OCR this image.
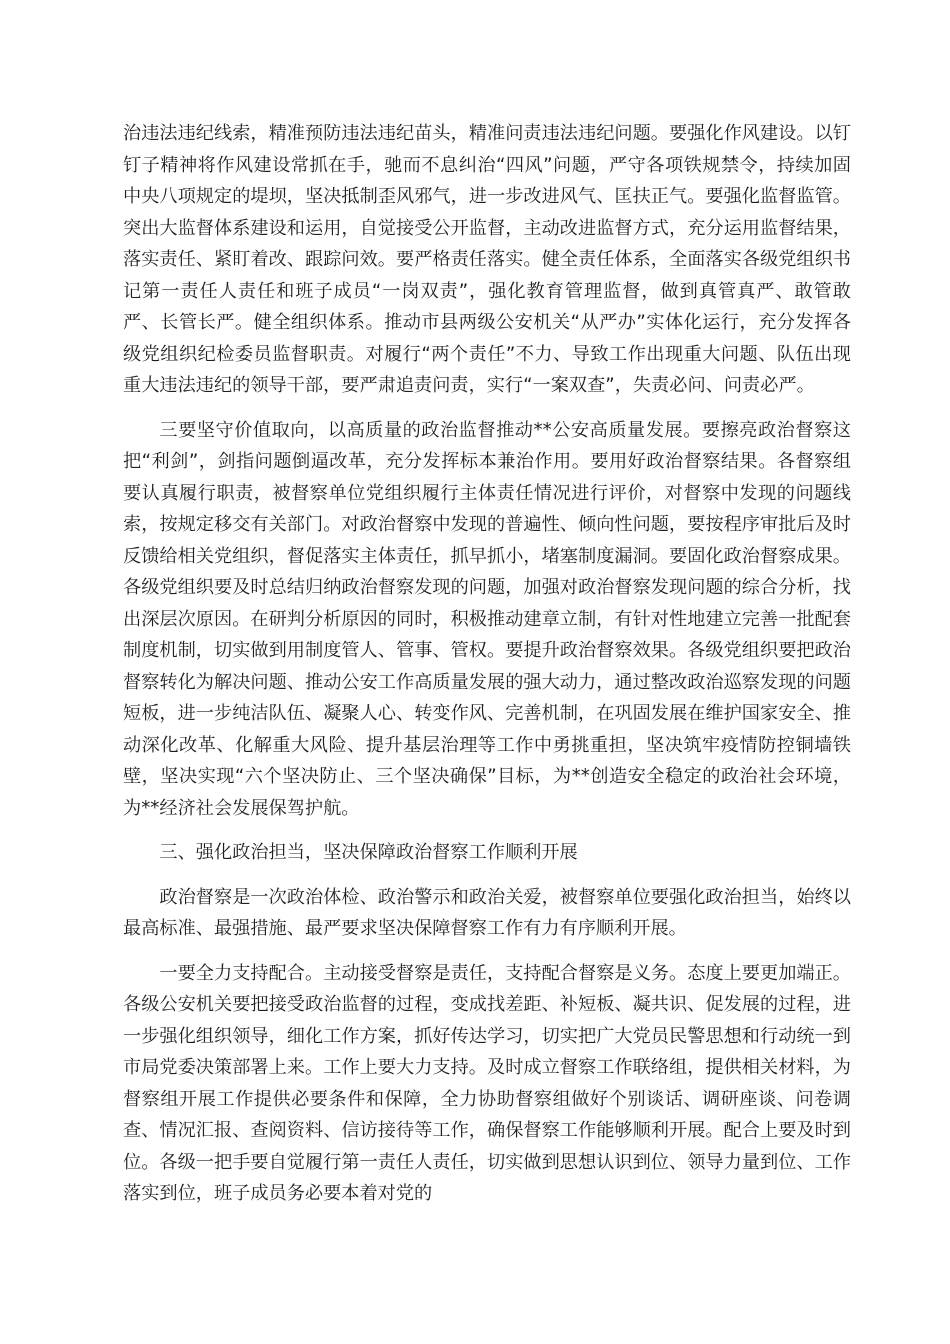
治违法违纪线索，精准预防违法违纪苗头，精准问责违法违纪问题。要强化作风建设。以钉钉子精神将作风建设常抓在手，驰而不息纠治“四风”问题，严守各项铁规禁令，持续加固中央八项规定的堤坝，坚决抵制歪风邪气，进一步改进风气、匡扶正气。要强化监督监管。突出大监督体系建设和运用，自觉接受公开监督，主动改进监督方式，充分运用监督结果，落实责任、紧盯着改、跟踪问效。要严格责任落实。健全责任体系，全面落实各级党组织书记第一责任人责任和班子成员“一岗双责”，强化教育管理监督，做到真管真严、敢管敢严、长管长严。健全组织体系。推动市县两级公安机关“从严办”实体化运行，充分发挥各级党组织纪检委员监督职责。对履行“两个责任”不力、导致工作出现重大问题、队伍出现重大违法违纪的领导干部，要严肃追责问责，实行“一案双查”，失责必问、问责必严。

三要坚守价值取向，以高质量的政治监督推动**公安高质量发展。要擦亮政治督察这把“利剑”，剑指问题倒逼改革，充分发挥标本兼治作用。要用好政治督察结果。各督察组要认真履行职责，被督察单位党组织履行主体责任情况进行评价，对督察中发现的问题线索，按规定移交有关部门。对政治督察中发现的普遍性、倾向性问题，要按程序审批后及时反馈给相关党组织，督促落实主体责任，抓早抓小，堵塞制度漏洞。要固化政治督察成果。各级党组织要及时总结归纳政治督察发现的问题，加强对政治督察发现问题的综合分析，找出深层次原因。在研判分析原因的同时，积极推动建章立制，有针对性地建立完善一批配套制度机制，切实做到用制度管人、管事、管权。要提升政治督察效果。各级党组织要把政治督察转化为解决问题、推动公安工作高质量发展的强大动力，通过整改政治巡察发现的问题短板，进一步纯洁队伍、凝聚人心、转变作风、完善机制，在巩固发展在维护国家安全、推动深化改革、化解重大风险、提升基层治理等工作中勇挑重担，坚决筑牢疫情防控铜墙铁壁，坚决实现“六个坚决防止、三个坚决确保”目标，为**创造安全稳定的政治社会环境，为**经济社会发展保驾护航。

三、强化政治担当，坚决保障政治督察工作顺利开展

政治督察是一次政治体检、政治警示和政治关爱，被督察单位要强化政治担当，始终以最高标准、最强措施、最严要求坚决保障督察工作有力有序顺利开展。

一要全力支持配合。主动接受督察是责任，支持配合督察是义务。态度上要更加端正。各级公安机关要把接受政治监督的过程，变成找差距、补短板、凝共识、促发展的过程，进一步强化组织领导，细化工作方案，抓好传达学习，切实把广大党员民警思想和行动统一到市局党委决策部署上来。工作上要大力支持。及时成立督察工作联络组，提供相关材料，为督察组开展工作提供必要条件和保障，全力协助督察组做好个别谈话、调研座谈、问卷调查、情况汇报、查阅资料、信访接待等工作，确保督察工作能够顺利开展。配合上要及时到位。各级一把手要自觉履行第一责任人责任，切实做到思想认识到位、领导力量到位、工作落实到位，班子成员务必要本着对党的
